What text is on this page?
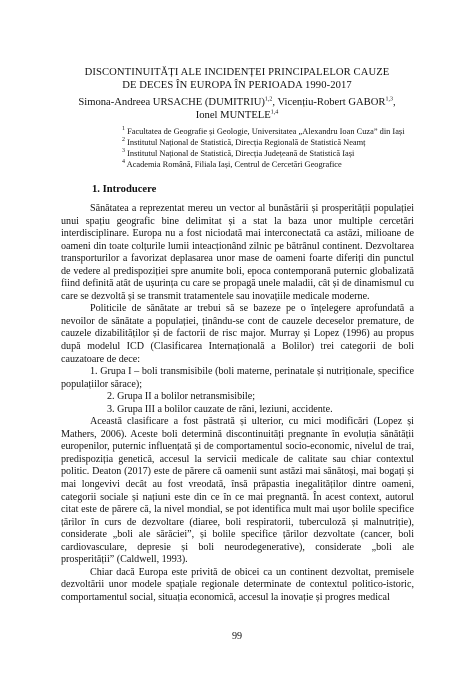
DISCONTINUITĂȚI ALE INCIDENȚEI PRINCIPALELOR CAUZE
DE DECES ÎN EUROPA ÎN PERIOADA 1990-2017
Simona-Andreea URSACHE (DUMITRIU)$^{1,2}$, Vicențiu-Robert GABOR$^{1,3}$,
Ionel MUNTELE$^{1,4}$
$^1$ Facultatea de Geografie și Geologie, Universitatea „Alexandru Ioan Cuza” din Iași
$^2$ Institutul Național de Statistică, Direcția Regională de Statistică Neamț
$^3$ Institutul Național de Statistică, Direcția Județeană de Statistică Iași
$^4$ Academia Română, Filiala Iași, Centrul de Cercetări Geografice
1. Introducere

Sănătatea a reprezentat mereu un vector al bunăstării și prosperității populației unui spațiu geografic bine delimitat și a stat la baza unor multiple cercetări interdisciplinare. Europa nu a fost niciodată mai interconectată ca astăzi, milioane de oameni din toate colțurile lumii inteacționând zilnic pe bătrânul continent. Dezvoltarea transporturilor a favorizat deplasarea unor mase de oameni foarte diferiți din punctul de vedere al predispoziției spre anumite boli, epoca contemporană puternic globalizată fiind definită atât de ușurința cu care se propagă unele maladii, cât și de dinamismul cu care se dezvoltă și se transmit tratamentele sau inovațiile medicale moderne.

Politicile de sănătate ar trebui să se bazeze pe o înțelegere aprofundată a nevoilor de sănătate a populației, ținându-se cont de cauzele deceselor premature, de cauzele dizabilităților și de factorii de risc major. Murray și Lopez (1996) au propus după modelul ICD (Clasificarea Internațională a Bolilor) trei categorii de boli cauzatoare de dece:

1. Grupa I – boli transmisibile (boli materne, perinatale și nutriționale, specifice populațiilor sărace);
2. Grupa II a bolilor netransmisibile;
3. Grupa III a bolilor cauzate de răni, leziuni, accidente.

Această clasificare a fost păstrată și ulterior, cu mici modificări (Lopez și Mathers, 2006). Aceste boli determină discontinuități pregnante în evoluția sănătății europenilor, puternic influențată și de comportamentul socio-economic, nivelul de trai, predispoziția genetică, accesul la servicii medicale de calitate sau chiar contextul politic. Deaton (2017) este de părere că oamenii sunt astăzi mai sănătoși, mai bogați și mai longevivi decât au fost vreodată, însă prăpastia inegalităților dintre oameni, categorii sociale și națiuni este din ce în ce mai pregnantă. În acest context, autorul citat este de părere că, la nivel mondial, se pot identifica mult mai ușor bolile specifice țărilor în curs de dezvoltare (diaree, boli respiratorii, tuberculoză și malnutriție), considerate „boli ale sărăciei”, și bolile specifice țărilor dezvoltate (cancer, boli cardiovasculare, depresie și boli neurodegenerative), considerate „boli ale prosperității” (Caldwell, 1993).

Chiar dacă Europa este privită de obicei ca un continent dezvoltat, premisele dezvoltării unor modele spațiale regionale determinate de contextul politico-istoric, comportamentul social, situația economică, accesul la inovație și progres medical

99
